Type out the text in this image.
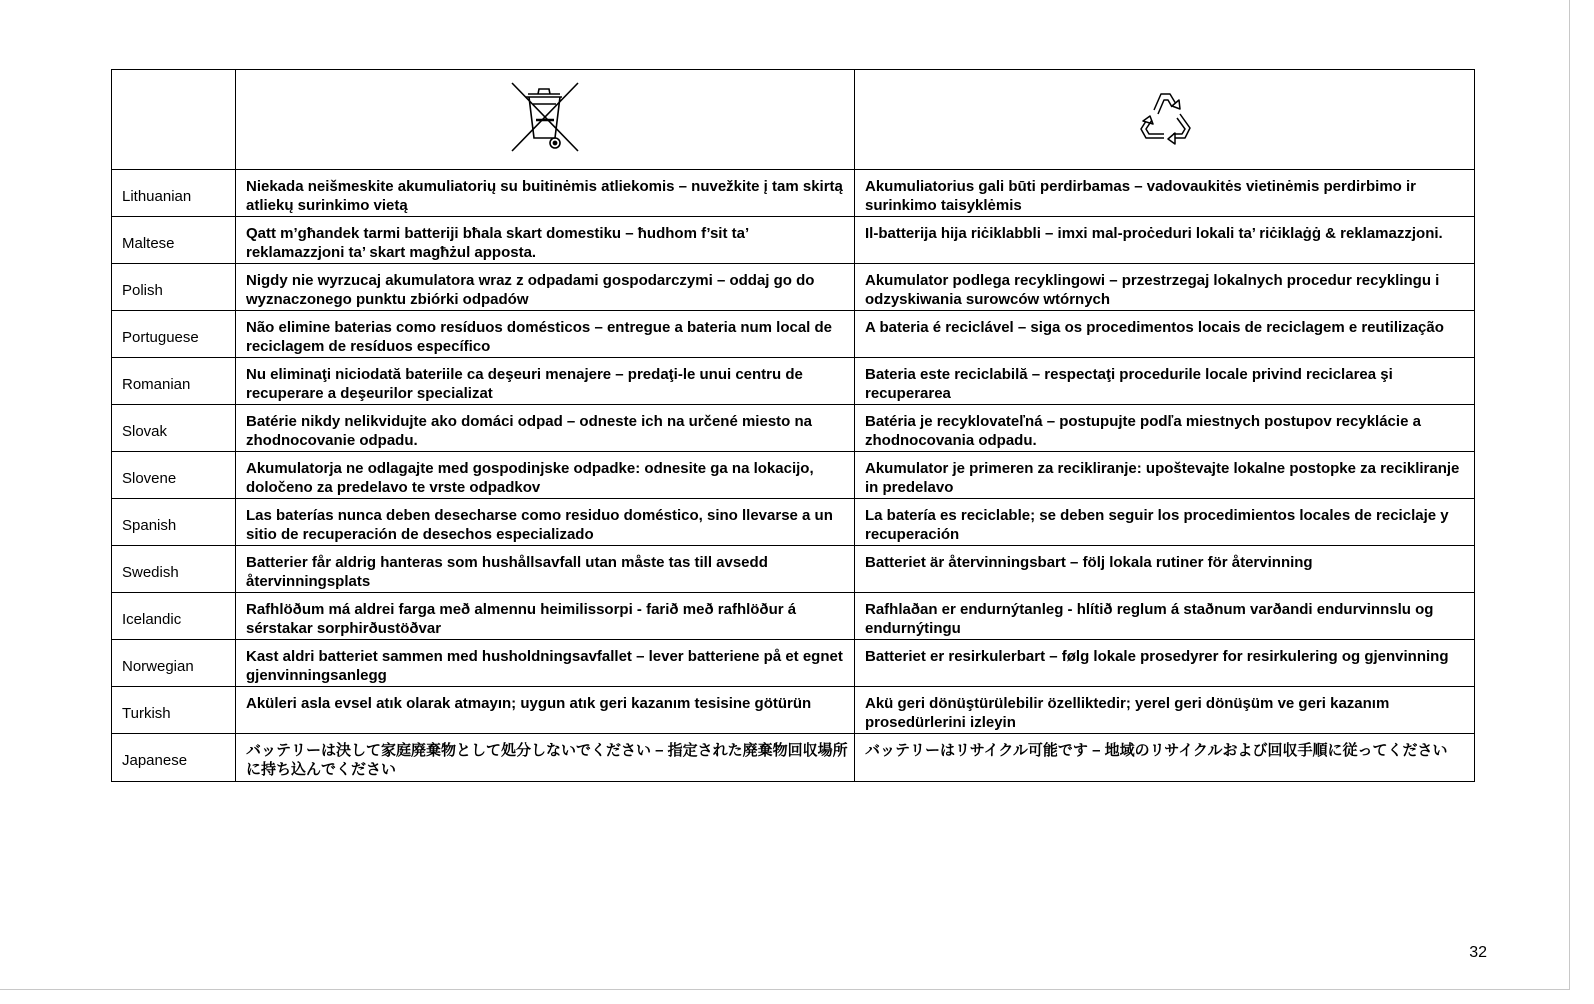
Lithuanian	Niekada neišmeskite akumuliatorių su buitinėmis atliekomis – nuvežkite į tam skirtą atliekų surinkimo vietą	Akumuliatorius gali būti perdirbamas – vadovaukitės vietinėmis perdirbimo ir surinkimo taisyklėmis
Maltese	Qatt m’għandek tarmi batteriji bħala skart domestiku – ħudhom f’sit ta’ reklamazzjoni ta’ skart magħżul apposta.	Il-batterija hija riċiklabbli – imxi mal-proċeduri lokali ta’ riċiklaġġ & reklamazzjoni.
Polish	Nigdy nie wyrzucaj akumulatora wraz z odpadami gospodarczymi – oddaj go do wyznaczonego punktu zbiórki odpadów	Akumulator podlega recyklingowi – przestrzegaj lokalnych procedur recyklingu i odzyskiwania surowców wtórnych
Portuguese	Não elimine baterias como resíduos domésticos – entregue a bateria num local de reciclagem de resíduos específico	A bateria é reciclável – siga os procedimentos locais de reciclagem e reutilização
Romanian	Nu eliminaţi niciodată bateriile ca deşeuri menajere – predaţi-le unui centru de recuperare a deşeurilor specializat	Bateria este reciclabilă – respectaţi procedurile locale privind reciclarea şi recuperarea
Slovak	Batérie nikdy nelikvidujte ako domáci odpad – odneste ich na určené miesto na zhodnocovanie odpadu.	Batéria je recyklovateľná – postupujte podľa miestnych postupov recyklácie a zhodnocovania odpadu.
Slovene	Akumulatorja ne odlagajte med gospodinjske odpadke: odnesite ga na lokacijo, določeno za predelavo te vrste odpadkov	Akumulator je primeren za recikliranje: upoštevajte lokalne postopke za recikliranje in predelavo
Spanish	Las baterías nunca deben desecharse como residuo doméstico, sino llevarse a un sitio de recuperación de desechos especializado	La batería es reciclable; se deben seguir los procedimientos locales de reciclaje y recuperación
Swedish	Batterier får aldrig hanteras som hushållsavfall utan måste tas till avsedd återvinningsplats	Batteriet är återvinningsbart – följ lokala rutiner för återvinning
Icelandic	Rafhlöðum má aldrei farga með almennu heimilissorpi - farið með rafhlöður á sérstakar sorphirðustöðvar	Rafhlaðan er endurnýtanleg - hlítið reglum á staðnum varðandi endurvinnslu og endurnýtingu
Norwegian	Kast aldri batteriet sammen med husholdningsavfallet – lever batteriene på et egnet gjenvinningsanlegg	Batteriet er resirkulerbart – følg lokale prosedyrer for resirkulering og gjenvinning
Turkish	Aküleri asla evsel atık olarak atmayın; uygun atık geri kazanım tesisine götürün	Akü geri dönüştürülebilir özelliktedir; yerel geri dönüşüm ve geri kazanım prosedürlerini izleyin
Japanese	バッテリーは決して家庭廃棄物として処分しないでください – 指定された廃棄物回収場所に持ち込んでください	バッテリーはリサイクル可能です – 地域のリサイクルおよび回収手順に従ってください
32
